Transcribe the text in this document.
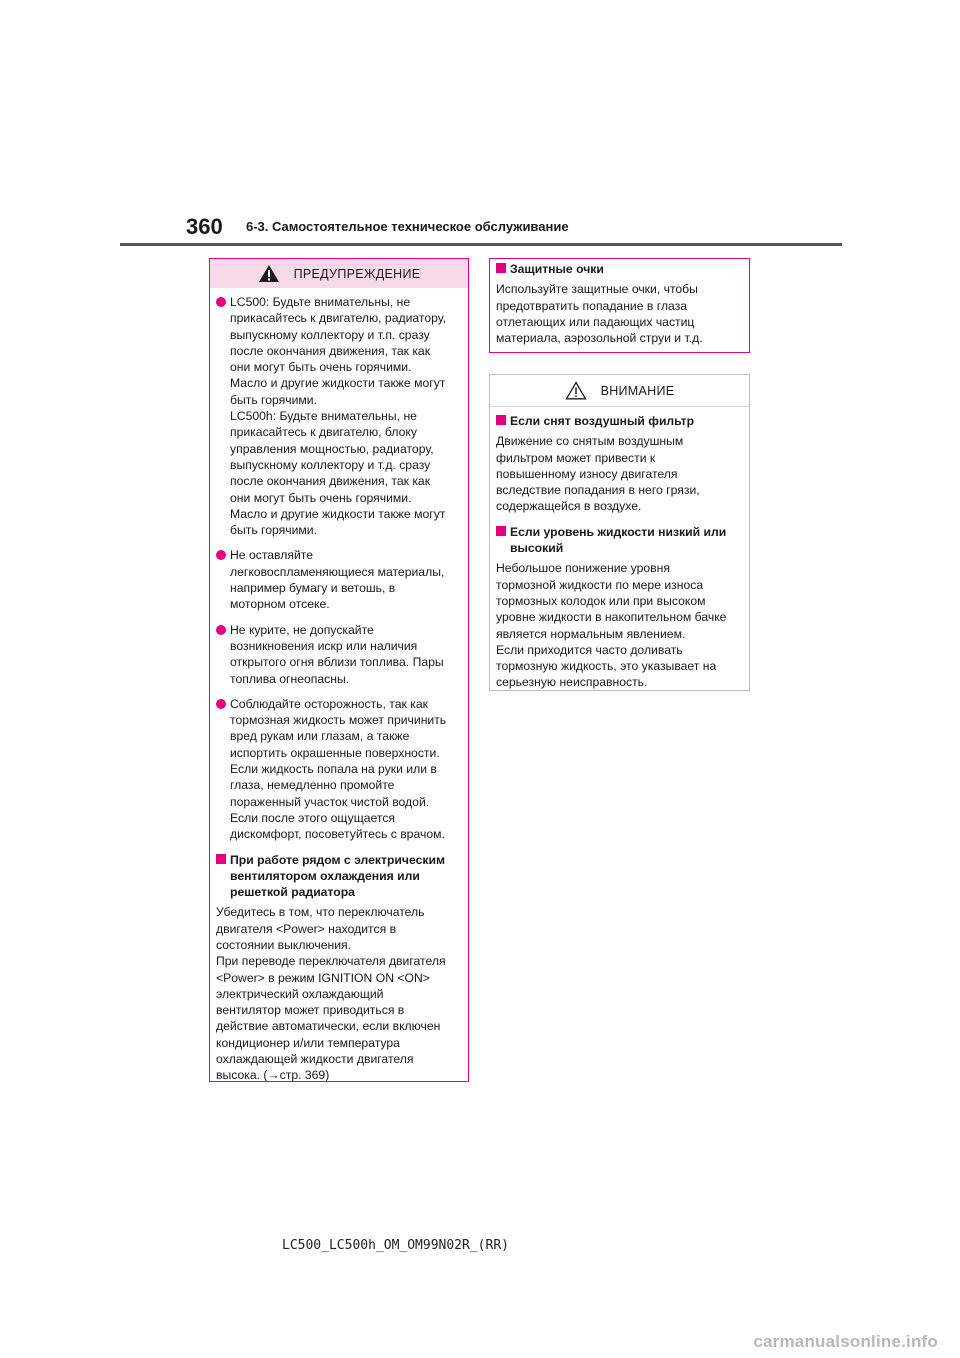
360 6-3. Самостоятельное техническое обслуживание
ПРЕДУПРЕЖДЕНИЕ
LC500: Будьте внимательны, не
прикасайтесь к двигателю, радиатору,
выпускному коллектору и т.п. сразу
после окончания движения, так как
они могут быть очень горячими.
Масло и другие жидкости также могут
быть горячими.
LC500h: Будьте внимательны, не
прикасайтесь к двигателю, блоку
управления мощностью, радиатору,
выпускному коллектору и т.д. сразу
после окончания движения, так как
они могут быть очень горячими.
Масло и другие жидкости также могут
быть горячими.
Не оставляйте
легковоспламеняющиеся материалы,
например бумагу и ветошь, в
моторном отсеке.
Не курите, не допускайте
возникновения искр или наличия
открытого огня вблизи топлива. Пары
топлива огнеопасны.
Соблюдайте осторожность, так как
тормозная жидкость может причинить
вред рукам или глазам, а также
испортить окрашенные поверхности.
Если жидкость попала на руки или в
глаза, немедленно промойте
пораженный участок чистой водой.
Если после этого ощущается
дискомфорт, посоветуйтесь с врачом.
При работе рядом с электрическим
вентилятором охлаждения или
решеткой радиатора
Убедитесь в том, что переключатель
двигателя <Power> находится в
состоянии выключения.
При переводе переключателя двигателя
<Power> в режим IGNITION ON <ON>
электрический охлаждающий
вентилятор может приводиться в
действие автоматически, если включен
кондиционер и/или температура
охлаждающей жидкости двигателя
высока. (→стр. 369)
Защитные очки
Используйте защитные очки, чтобы
предотвратить попадание в глаза
отлетающих или падающих частиц
материала, аэрозольной струи и т.д.
ВНИМАНИЕ
Если снят воздушный фильтр
Движение со снятым воздушным
фильтром может привести к
повышенному износу двигателя
вследствие попадания в него грязи,
содержащейся в воздухе.
Если уровень жидкости низкий или
высокий
Небольшое понижение уровня
тормозной жидкости по мере износа
тормозных колодок или при высоком
уровне жидкости в накопительном бачке
является нормальным явлением.
Если приходится часто доливать
тормозную жидкость, это указывает на
серьезную неисправность.
LC500_LC500h_OM_OM99N02R_(RR)
carmanualsonline.info
